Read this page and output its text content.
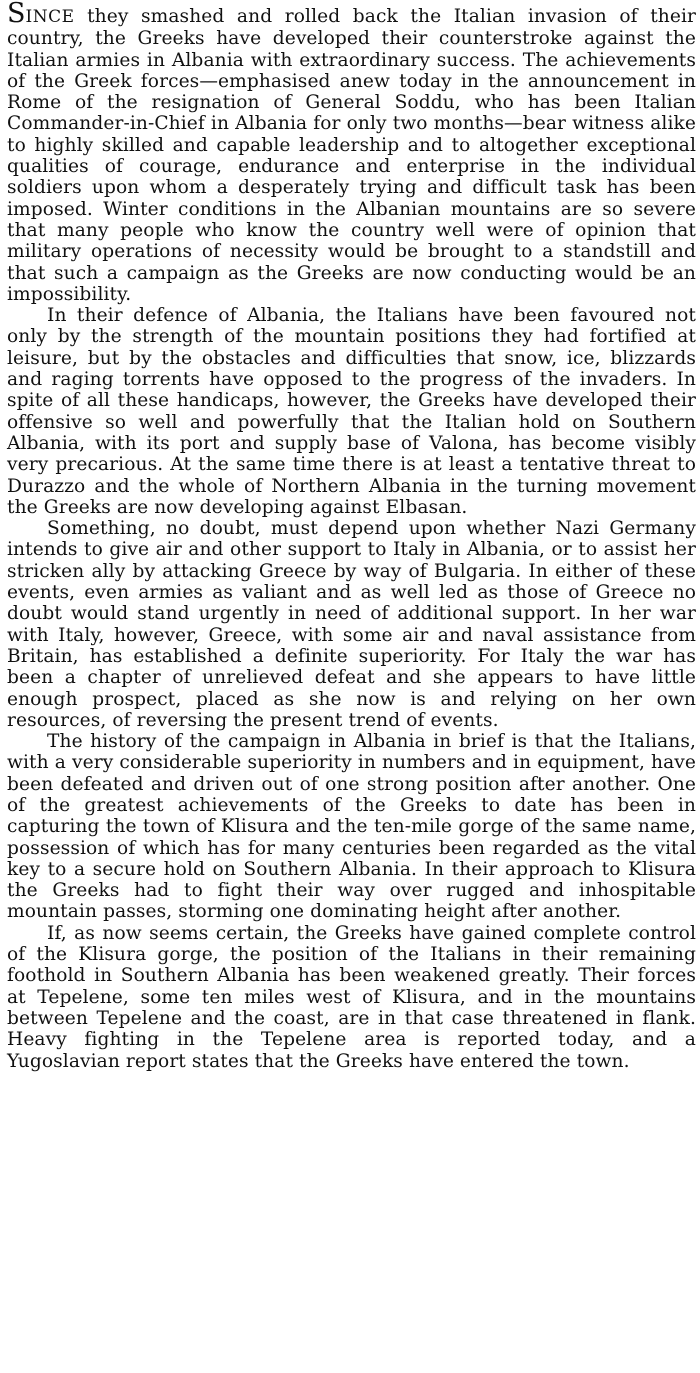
SINCE they smashed and rolled back the Italian invasion of their country, the Greeks have developed their counterstroke against the Italian armies in Albania with extraordinary success. The achievements of the Greek forces—emphasised anew today in the announcement in Rome of the resignation of General Soddu, who has been Italian Commander-in-Chief in Albania for only two months—bear witness alike to highly skilled and capable leadership and to altogether exceptional qualities of courage, endurance and enterprise in the individual soldiers upon whom a desperately trying and difficult task has been imposed. Winter conditions in the Albanian mountains are so severe that many people who know the country well were of opinion that military operations of necessity would be brought to a standstill and that such a campaign as the Greeks are now conducting would be an impossibility.

In their defence of Albania, the Italians have been favoured not only by the strength of the mountain positions they had fortified at leisure, but by the obstacles and difficulties that snow, ice, blizzards and raging torrents have opposed to the progress of the invaders. In spite of all these handicaps, however, the Greeks have developed their offensive so well and powerfully that the Italian hold on Southern Albania, with its port and supply base of Valona, has become visibly very precarious. At the same time there is at least a tentative threat to Durazzo and the whole of Northern Albania in the turning movement the Greeks are now developing against Elbasan.

Something, no doubt, must depend upon whether Nazi Germany intends to give air and other support to Italy in Albania, or to assist her stricken ally by attacking Greece by way of Bulgaria. In either of these events, even armies as valiant and as well led as those of Greece no doubt would stand urgently in need of additional support. In her war with Italy, however, Greece, with some air and naval assistance from Britain, has established a definite superiority. For Italy the war has been a chapter of unrelieved defeat and she appears to have little enough prospect, placed as she now is and relying on her own resources, of reversing the present trend of events.

The history of the campaign in Albania in brief is that the Italians, with a very considerable superiority in numbers and in equipment, have been defeated and driven out of one strong position after another. One of the greatest achievements of the Greeks to date has been in capturing the town of Klisura and the ten-mile gorge of the same name, possession of which has for many centuries been regarded as the vital key to a secure hold on Southern Albania. In their approach to Klisura the Greeks had to fight their way over rugged and inhospitable mountain passes, storming one dominating height after another.

If, as now seems certain, the Greeks have gained complete control of the Klisura gorge, the position of the Italians in their remaining foothold in Southern Albania has been weakened greatly. Their forces at Tepelene, some ten miles west of Klisura, and in the mountains between Tepelene and the coast, are in that case threatened in flank. Heavy fighting in the Tepelene area is reported today, and a Yugoslavian report states that the Greeks have entered the town.
